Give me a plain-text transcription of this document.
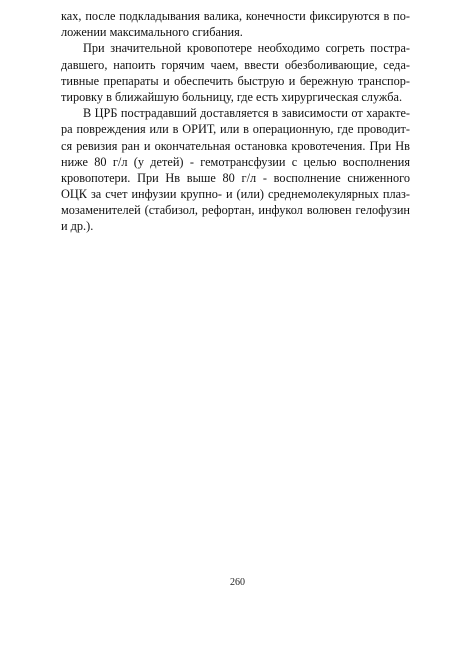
ках, после подкладывания валика, конечности фиксируются в по-
ложении максимального сгибания.
При значительной кровопотере необходимо согреть постра-
давшего, напоить горячим чаем, ввести обезболивающие, седа-
тивные препараты и обеспечить быструю и бережную транспор-
тировку в ближайшую больницу, где есть хирургическая служба.
В ЦРБ пострадавший доставляется в зависимости от характе-
ра повреждения или в ОРИТ, или в операционную, где проводит-
ся ревизия ран и окончательная остановка кровотечения. При Нв
ниже 80 г/л (у детей) - гемотрансфузии с целью восполнения
кровопотери. При Нв выше 80 г/л - восполнение сниженного
ОЦК за счет инфузии крупно- и (или) среднемолекулярных плаз-
мозаменителей (стабизол, рефортан, инфукол волювен гелофузин
и др.).
260
